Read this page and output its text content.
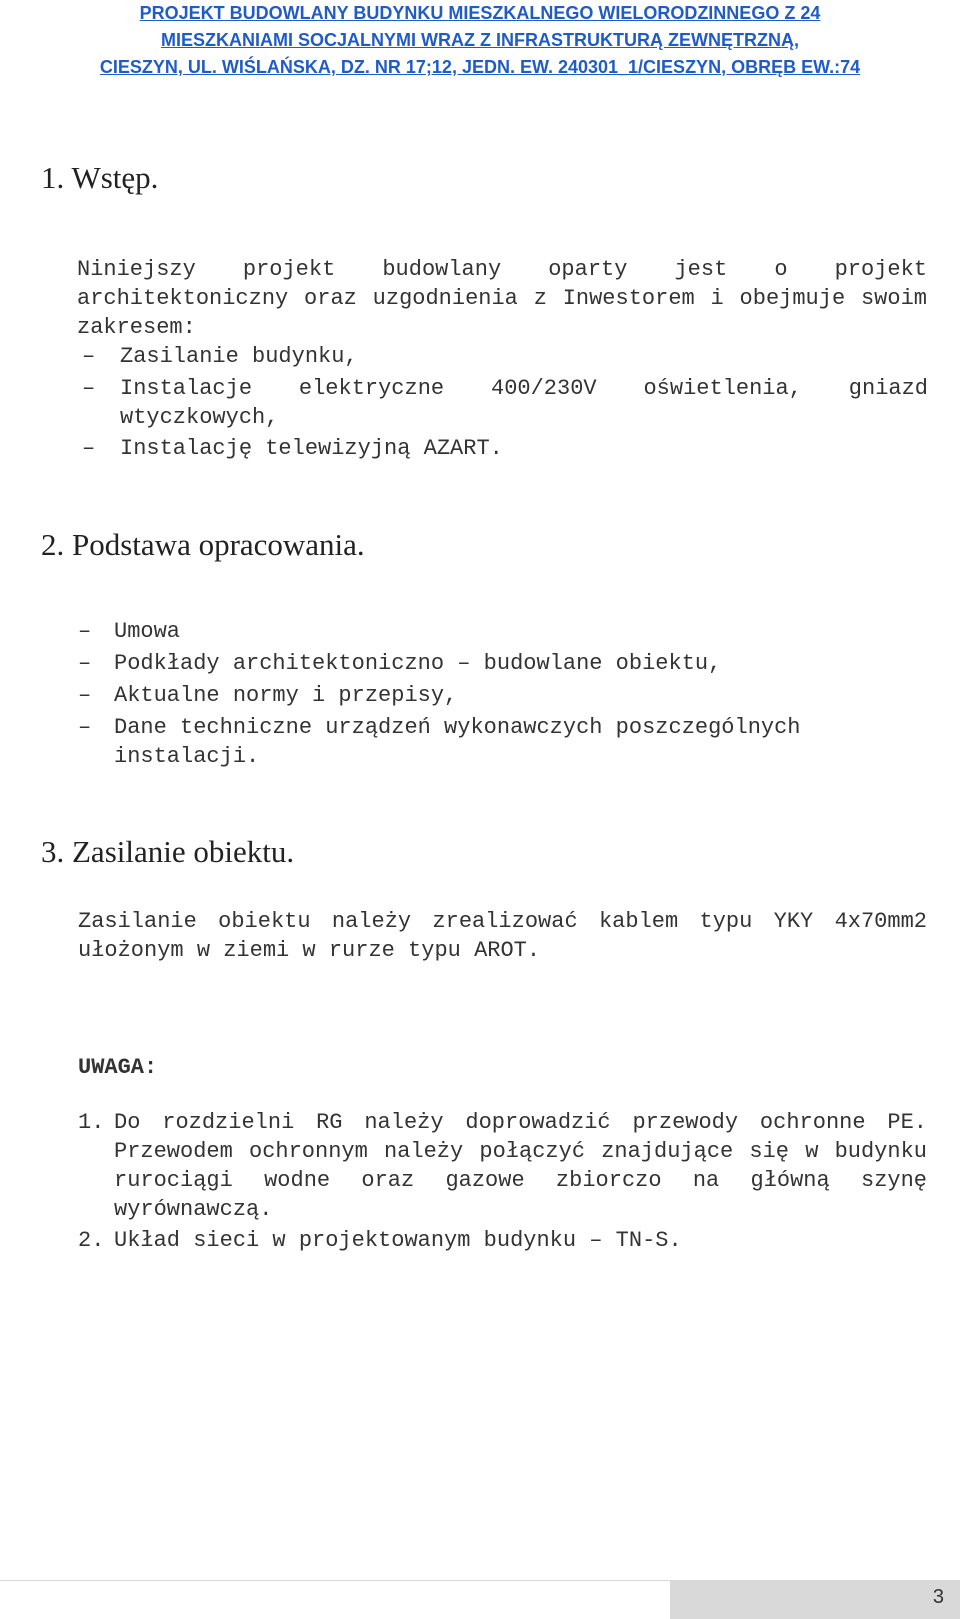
PROJEKT BUDOWLANY BUDYNKU MIESZKALNEGO WIELORODZINNEGO Z 24
MIESZKANIAMI SOCJALNYMI WRAZ Z INFRASTRUKTURĄ ZEWNĘTRZNĄ,
CIESZYN, UL. WIŚLAŃSKA, DZ. NR 17;12, JEDN. EW. 240301_1/CIESZYN, OBRĘB EW.:74
1. Wstęp.
Niniejszy projekt budowlany oparty jest o projekt architektoniczny oraz uzgodnienia z Inwestorem i obejmuje swoim zakresem:
– Zasilanie budynku,
– Instalacje elektryczne 400/230V oświetlenia, gniazd wtyczkowych,
– Instalację telewizyjną AZART.
2. Podstawa opracowania.
– Umowa
– Podkłady architektoniczno – budowlane obiektu,
– Aktualne normy i przepisy,
– Dane techniczne urządzeń wykonawczych poszczególnych instalacji.
3. Zasilanie obiektu.
Zasilanie obiektu należy zrealizować kablem typu YKY 4x70mm2 ułożonym w ziemi w rurze typu AROT.
UWAGA:
1. Do rozdzielni RG należy doprowadzić przewody ochronne PE. Przewodem ochronnym należy połączyć znajdujące się w budynku rurociągi wodne oraz gazowe zbiorczo na główną szynę wyrównawczą.
2. Układ sieci w projektowanym budynku – TN-S.
3
